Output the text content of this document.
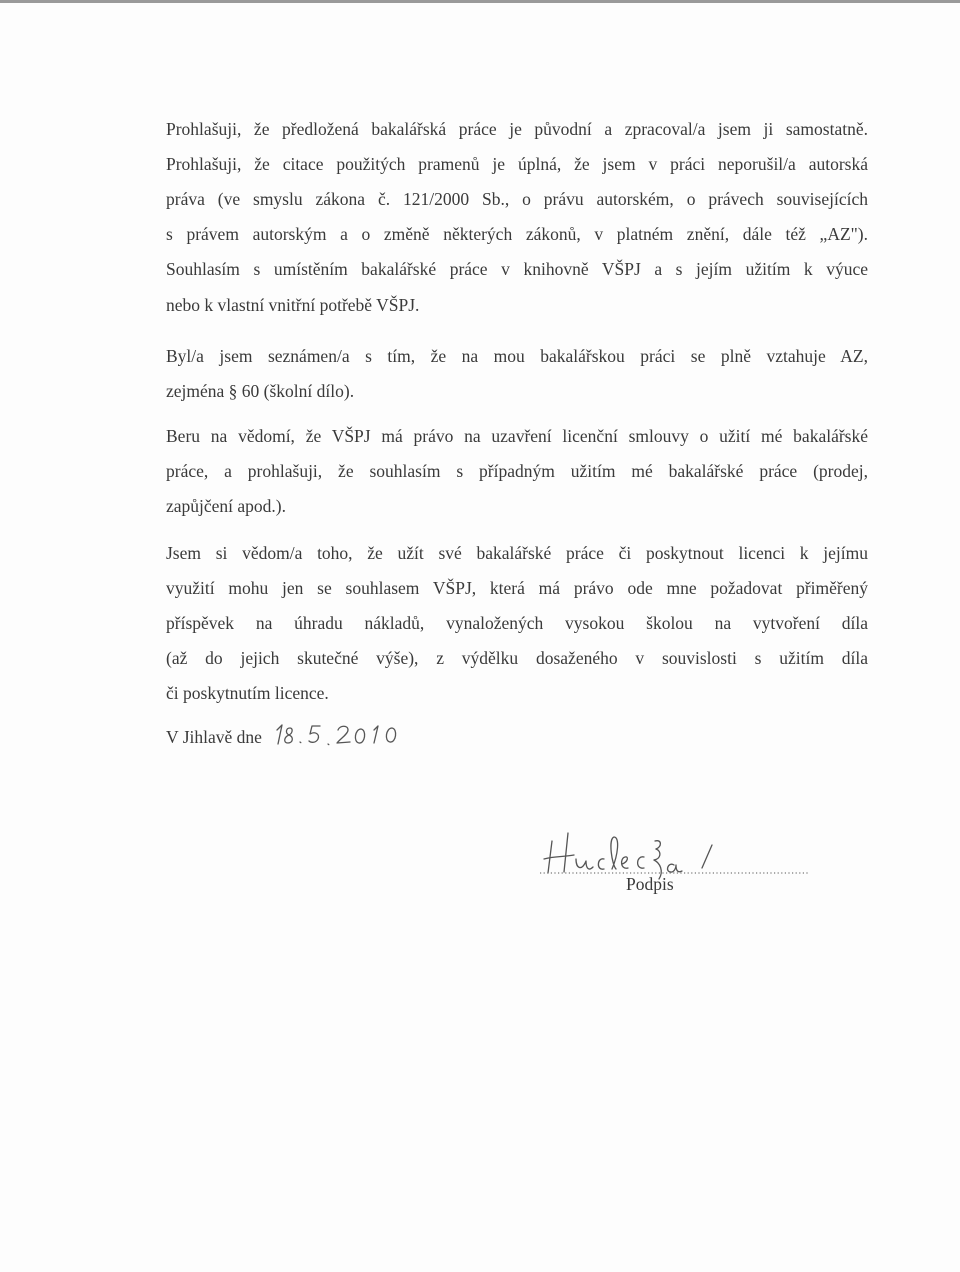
Prohlašuji, že předložená bakalářská práce je původní a zpracoval/a jsem ji samostatně.

Prohlašuji, že citace použitých pramenů je úplná, že jsem v práci neporušil/a autorská

práva (ve smyslu zákona č. 121/2000 Sb., o právu autorském, o právech souvisejících

s právem autorským a o změně některých zákonů, v platném znění, dále též „AZ").

Souhlasím s umístěním bakalářské práce v knihovně VŠPJ a s jejím užitím k výuce

nebo k vlastní vnitřní potřebě VŠPJ.

Byl/a jsem seznámen/a s tím, že na mou bakalářskou práci se plně vztahuje AZ,

zejména § 60 (školní dílo).

Beru na vědomí, že VŠPJ má právo na uzavření licenční smlouvy o užití mé bakalářské

práce, a prohlašuji, že souhlasím s případným užitím mé bakalářské práce (prodej,

zapůjčení apod.).

Jsem si vědom/a toho, že užít své bakalářské práce či poskytnout licenci k jejímu

využití mohu jen se souhlasem VŠPJ, která má právo ode mne požadovat přiměřený

příspěvek na úhradu nákladů, vynaložených vysokou školou na vytvoření díla

(až do jejich skutečné výše), z výdělku dosaženého v souvislosti s užitím díla

či poskytnutím licence.

V Jihlavě dne
Podpis
